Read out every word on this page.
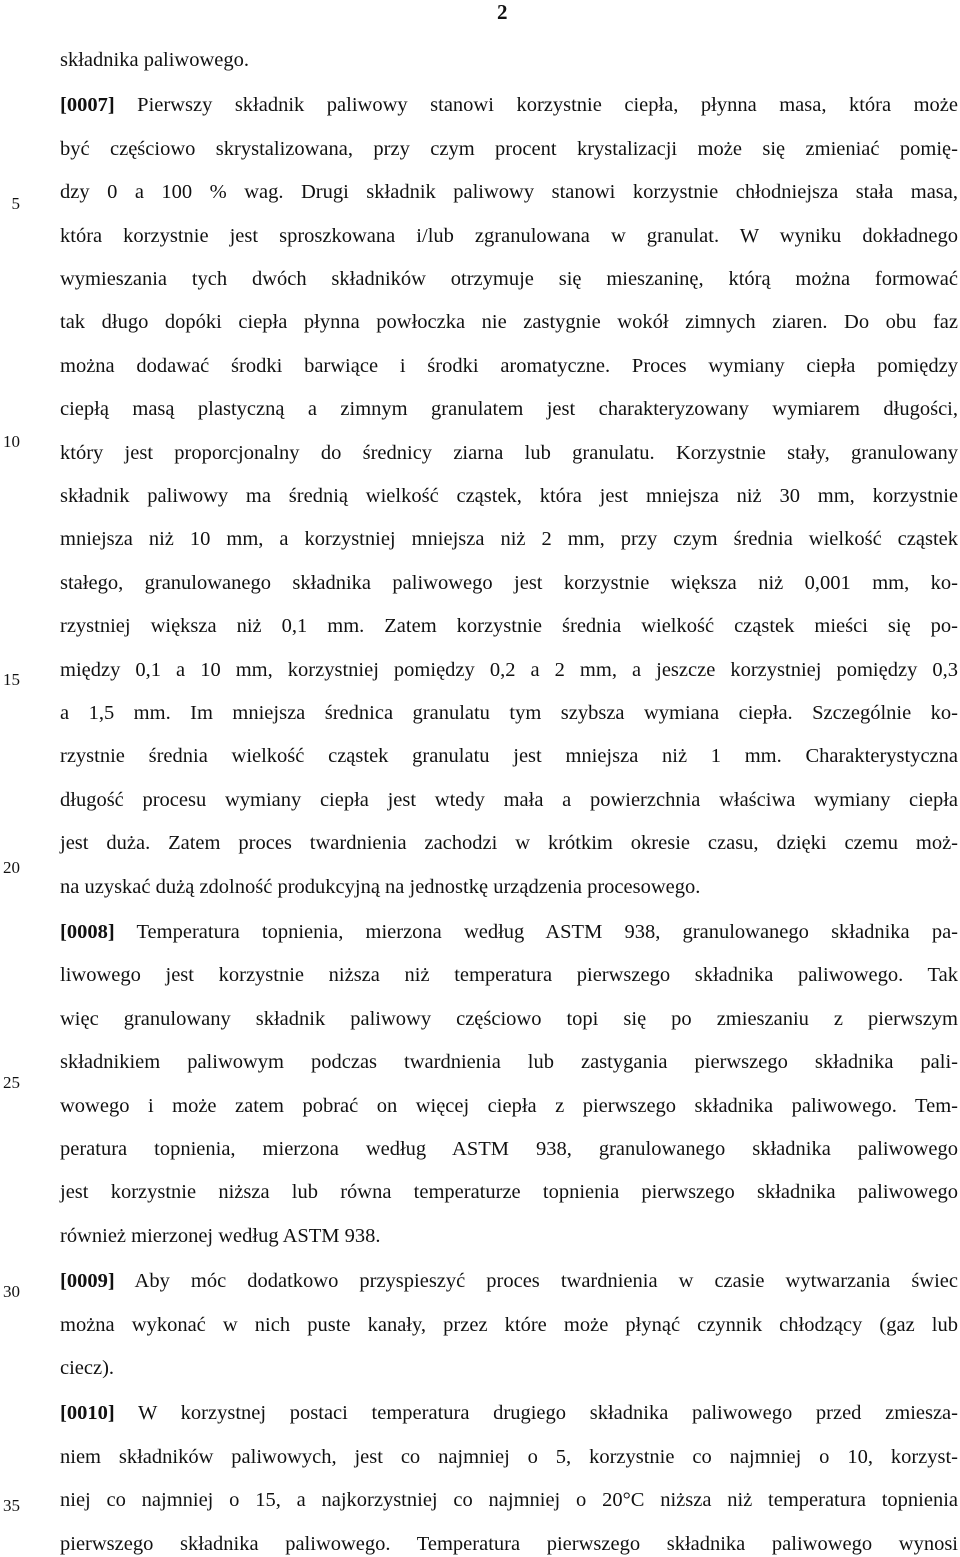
2
5
10
15
20
25
30
35
składnika paliwowego.
[0007] Pierwszy składnik paliwowy stanowi korzystnie ciepła, płynna masa, która może
być częściowo skrystalizowana, przy czym procent krystalizacji może się zmieniać pomię-
dzy 0 a 100 % wag. Drugi składnik paliwowy stanowi korzystnie chłodniejsza stała masa,
która korzystnie jest sproszkowana i/lub zgranulowana w granulat. W wyniku dokładnego
wymieszania tych dwóch składników otrzymuje się mieszaninę, którą można formować
tak długo dopóki ciepła płynna powłoczka nie zastygnie wokół zimnych ziaren. Do obu faz
można dodawać środki barwiące i środki aromatyczne. Proces wymiany ciepła pomiędzy
ciepłą masą plastyczną a zimnym granulatem jest charakteryzowany wymiarem długości,
który jest proporcjonalny do średnicy ziarna lub granulatu. Korzystnie stały, granulowany
składnik paliwowy ma średnią wielkość cząstek, która jest mniejsza niż 30 mm, korzystnie
mniejsza niż 10 mm, a korzystniej mniejsza niż 2 mm, przy czym średnia wielkość cząstek
stałego, granulowanego składnika paliwowego jest korzystnie większa niż 0,001 mm, ko-
rzystniej większa niż 0,1 mm. Zatem korzystnie średnia wielkość cząstek mieści się po-
między 0,1 a 10 mm, korzystniej pomiędzy 0,2 a 2 mm, a jeszcze korzystniej pomiędzy 0,3
a 1,5 mm. Im mniejsza średnica granulatu tym szybsza wymiana ciepła. Szczególnie ko-
rzystnie średnia wielkość cząstek granulatu jest mniejsza niż 1 mm. Charakterystyczna
długość procesu wymiany ciepła jest wtedy mała a powierzchnia właściwa wymiany ciepła
jest duża. Zatem proces twardnienia zachodzi w krótkim okresie czasu, dzięki czemu moż-
na uzyskać dużą zdolność produkcyjną na jednostkę urządzenia procesowego.
[0008] Temperatura topnienia, mierzona według ASTM 938, granulowanego składnika pa-
liwowego jest korzystnie niższa niż temperatura pierwszego składnika paliwowego. Tak
więc granulowany składnik paliwowy częściowo topi się po zmieszaniu z pierwszym
składnikiem paliwowym podczas twardnienia lub zastygania pierwszego składnika pali-
wowego i może zatem pobrać on więcej ciepła z pierwszego składnika paliwowego. Tem-
peratura topnienia, mierzona według ASTM 938, granulowanego składnika paliwowego
jest korzystnie niższa lub równa temperaturze topnienia pierwszego składnika paliwowego
również mierzonej według ASTM 938.
[0009] Aby móc dodatkowo przyspieszyć proces twardnienia w czasie wytwarzania świec
można wykonać w nich puste kanały, przez które może płynąć czynnik chłodzący (gaz lub
ciecz).
[0010] W korzystnej postaci temperatura drugiego składnika paliwowego przed zmiesza-
niem składników paliwowych, jest co najmniej o 5, korzystnie co najmniej o 10, korzyst-
niej co najmniej o 15, a najkorzystniej co najmniej o 20°C niższa niż temperatura topnienia
pierwszego składnika paliwowego. Temperatura pierwszego składnika paliwowego wynosi
